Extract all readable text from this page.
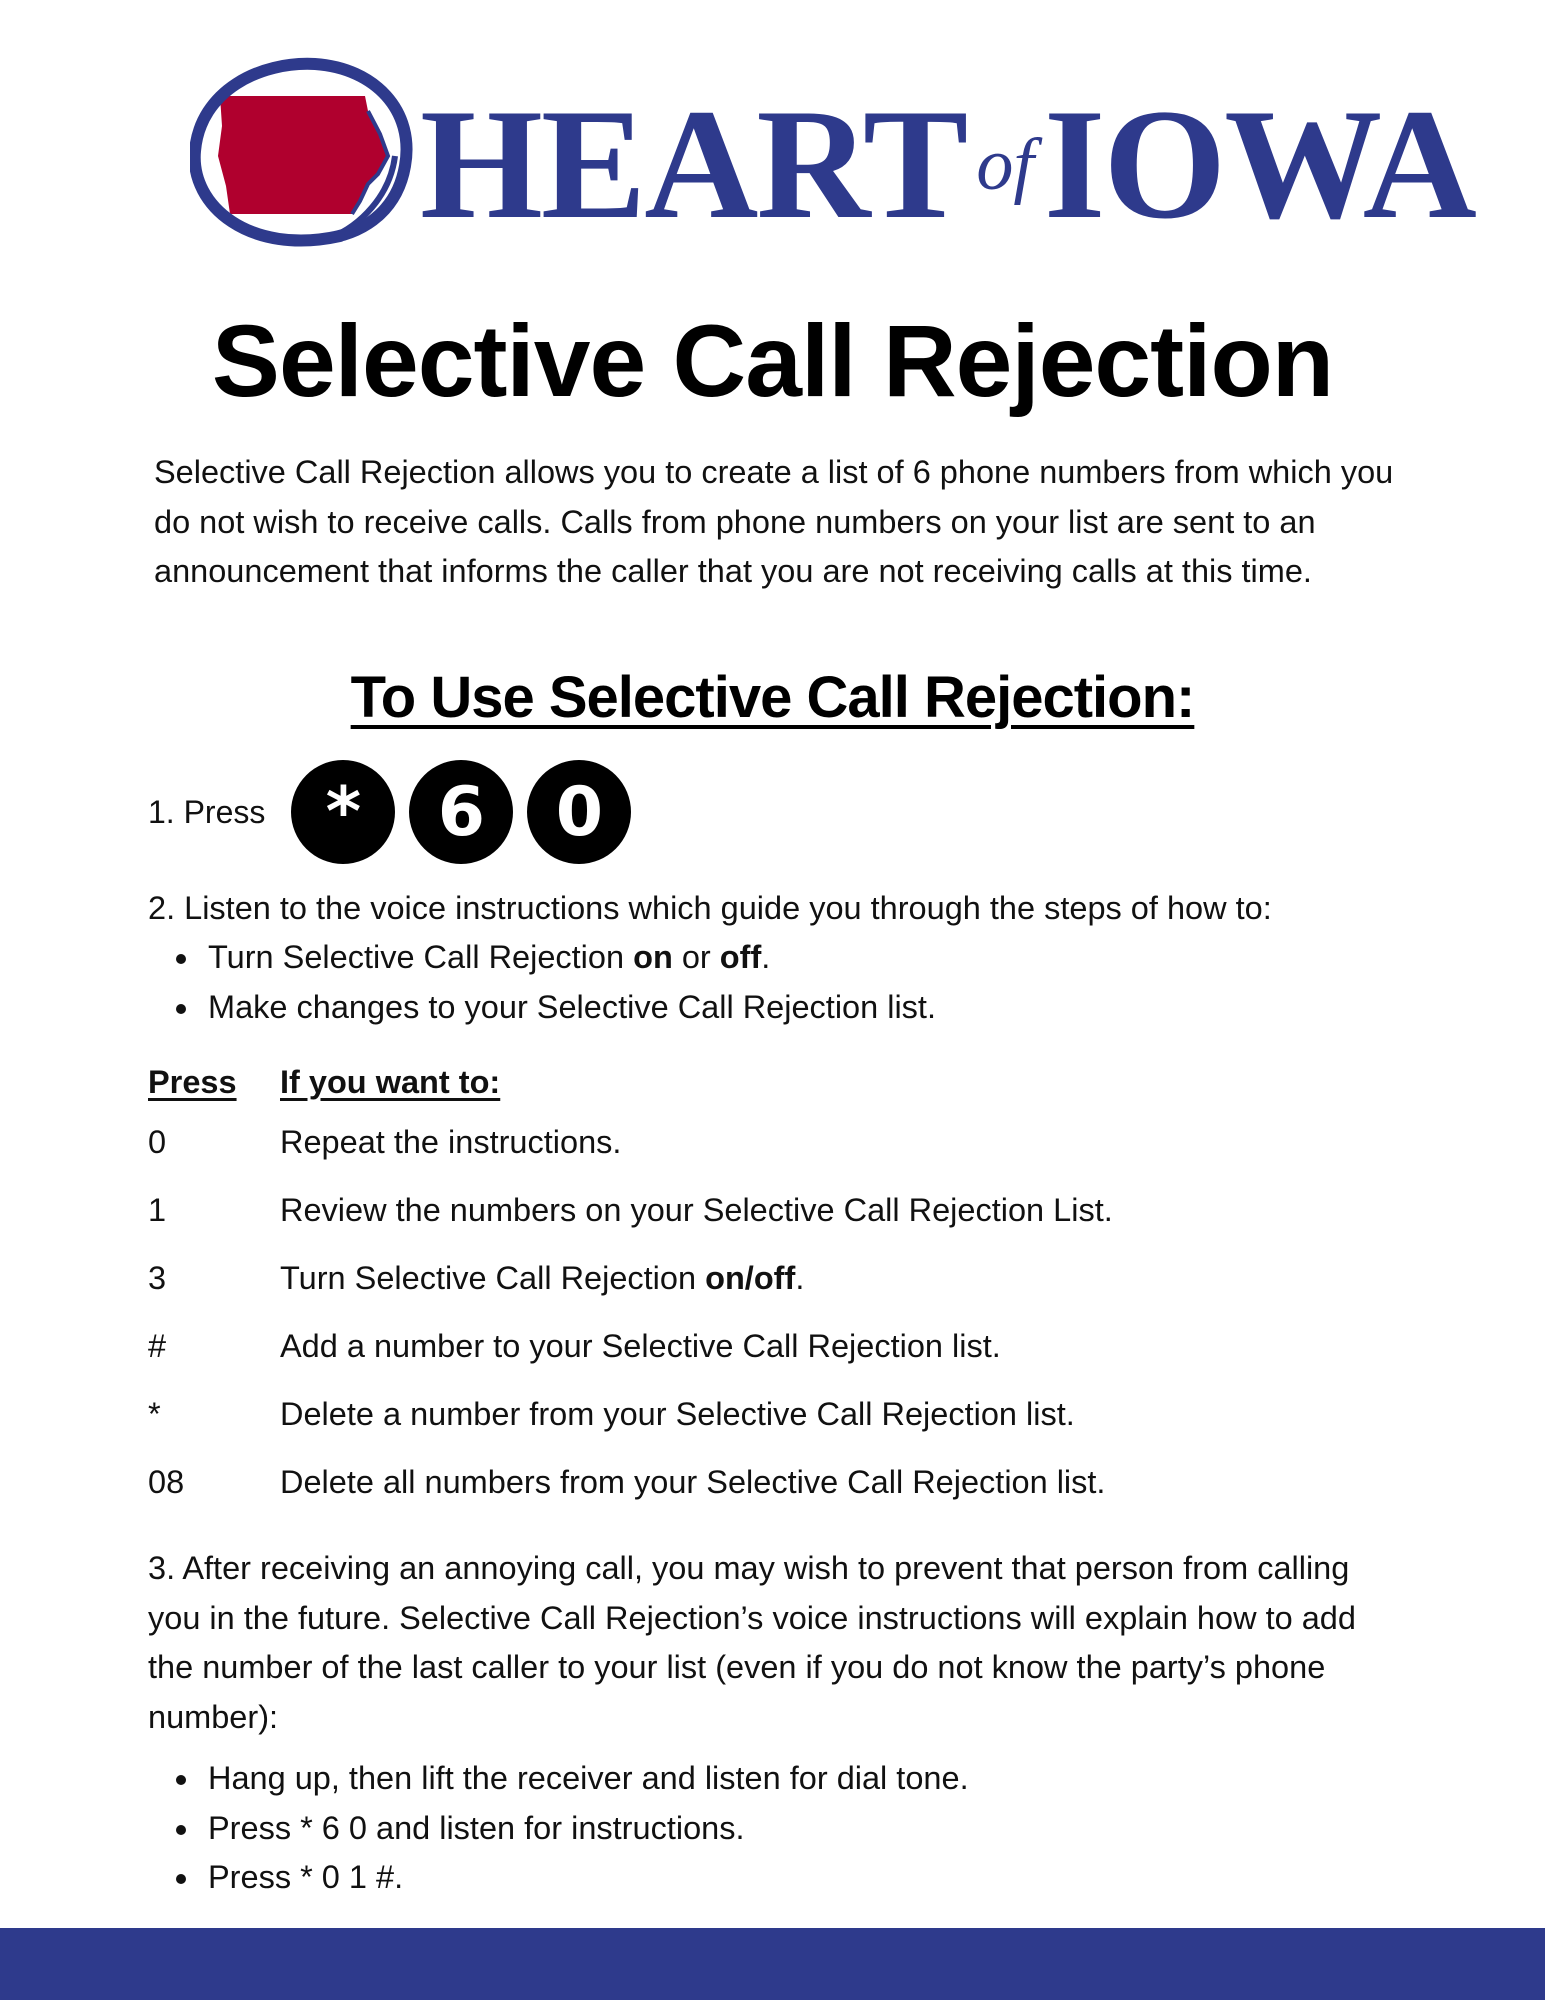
HEART ofIOWA
Selective Call Rejection

Selective Call Rejection allows you to create a list of 6 phone numbers from which you do not wish to receive calls. Calls from phone numbers on your list are sent to an announcement that informs the caller that you are not receiving calls at this time.

To Use Selective Call Rejection:
1. Press *	6	0

2. Listen to the voice instructions which guide you through the steps of how to:

Turn Selective Call Rejection on or off.
Make changes to your Selective Call Rejection list.
Press	If you want to:
0	Repeat the instructions.
1	Review the numbers on your Selective Call Rejection List.
3	Turn Selective Call Rejection on/off.
#	Add a number to your Selective Call Rejection list.
*	Delete a number from your Selective Call Rejection list.
08	Delete all numbers from your Selective Call Rejection list.

3. After receiving an annoying call, you may wish to prevent that person from calling you in the future. Selective Call Rejection’s voice instructions will explain how to add the number of the last caller to your list (even if you do not know the party’s phone number):

Hang up, then lift the receiver and listen for dial tone.
Press * 6 0 and listen for instructions.
Press * 0 1 #.
